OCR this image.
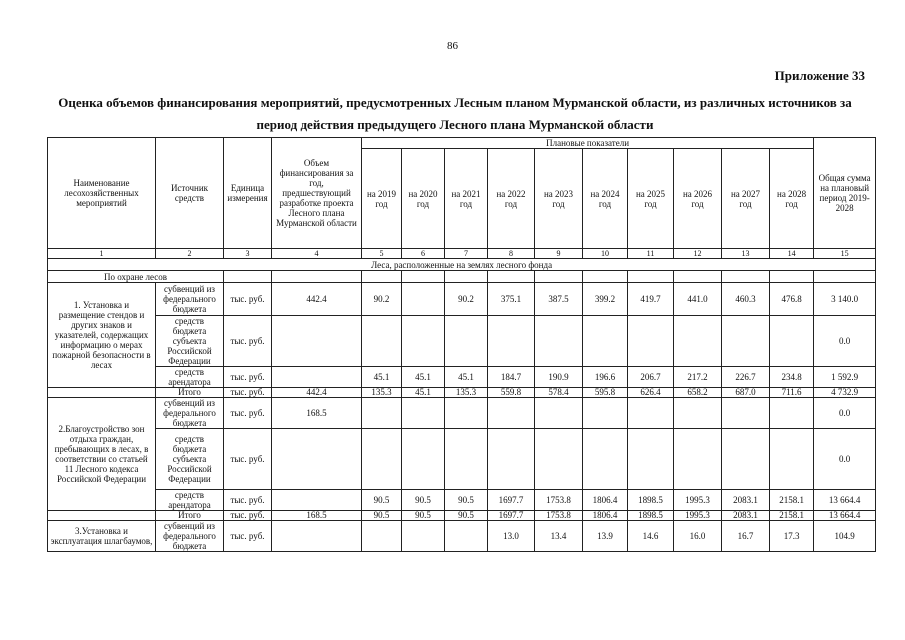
86
Приложение 33
Оценка объемов финансирования мероприятий, предусмотренных Лесным планом Мурманской области, из различных источников за период действия предыдущего Лесного плана Мурманской области
Наименование лесохозяйственных мероприятий	Источник средств	Единица измерения	Объем финансирования за год, предшествующий разработке проекта Лесного плана Мурманской области	Плановые показатели										Общая сумма на плановый период 2019-2028
				на 2019 год	на 2020 год	на 2021 год	на 2022 год	на 2023 год	на 2024 год	на 2025 год	на 2026 год	на 2027 год	на 2028 год	
1	2	3	4	5	6	7	8	9	10	11	12	13	14	15
Леса, расположенные на землях лесного фонда														
По охране лесов														
1. Установка и размещение стендов и других знаков и указателей, содержащих информацию о мерах пожарной безопасности в лесах	субвенций из федерального бюджета	тыс. руб.	442.4	90.2		90.2	375.1	387.5	399.2	419.7	441.0	460.3	476.8	3 140.0
	средств бюджета субъекта Российской Федерации	тыс. руб.												0.0
	средств арендатора	тыс. руб.		45.1	45.1	45.1	184.7	190.9	196.6	206.7	217.2	226.7	234.8	1 592.9
	Итого	тыс. руб.	442.4	135.3	45.1	135.3	559.8	578.4	595.8	626.4	658.2	687.0	711.6	4 732.9
2.Благоустройство зон отдыха граждан, пребывающих в лесах, в соответствии со статьей 11 Лесного кодекса Российской Федерации	субвенций из федерального бюджета	тыс. руб.	168.5											0.0
	средств бюджета субъекта Российской Федерации	тыс. руб.												0.0
	средств арендатора	тыс. руб.		90.5	90.5	90.5	1697.7	1753.8	1806.4	1898.5	1995.3	2083.1	2158.1	13 664.4
	Итого	тыс. руб.	168.5	90.5	90.5	90.5	1697.7	1753.8	1806.4	1898.5	1995.3	2083.1	2158.1	13 664.4
3.Установка и эксплуатация шлагбаумов,	субвенций из федерального бюджета	тыс. руб.					13.0	13.4	13.9	14.6	16.0	16.7	17.3	104.9
